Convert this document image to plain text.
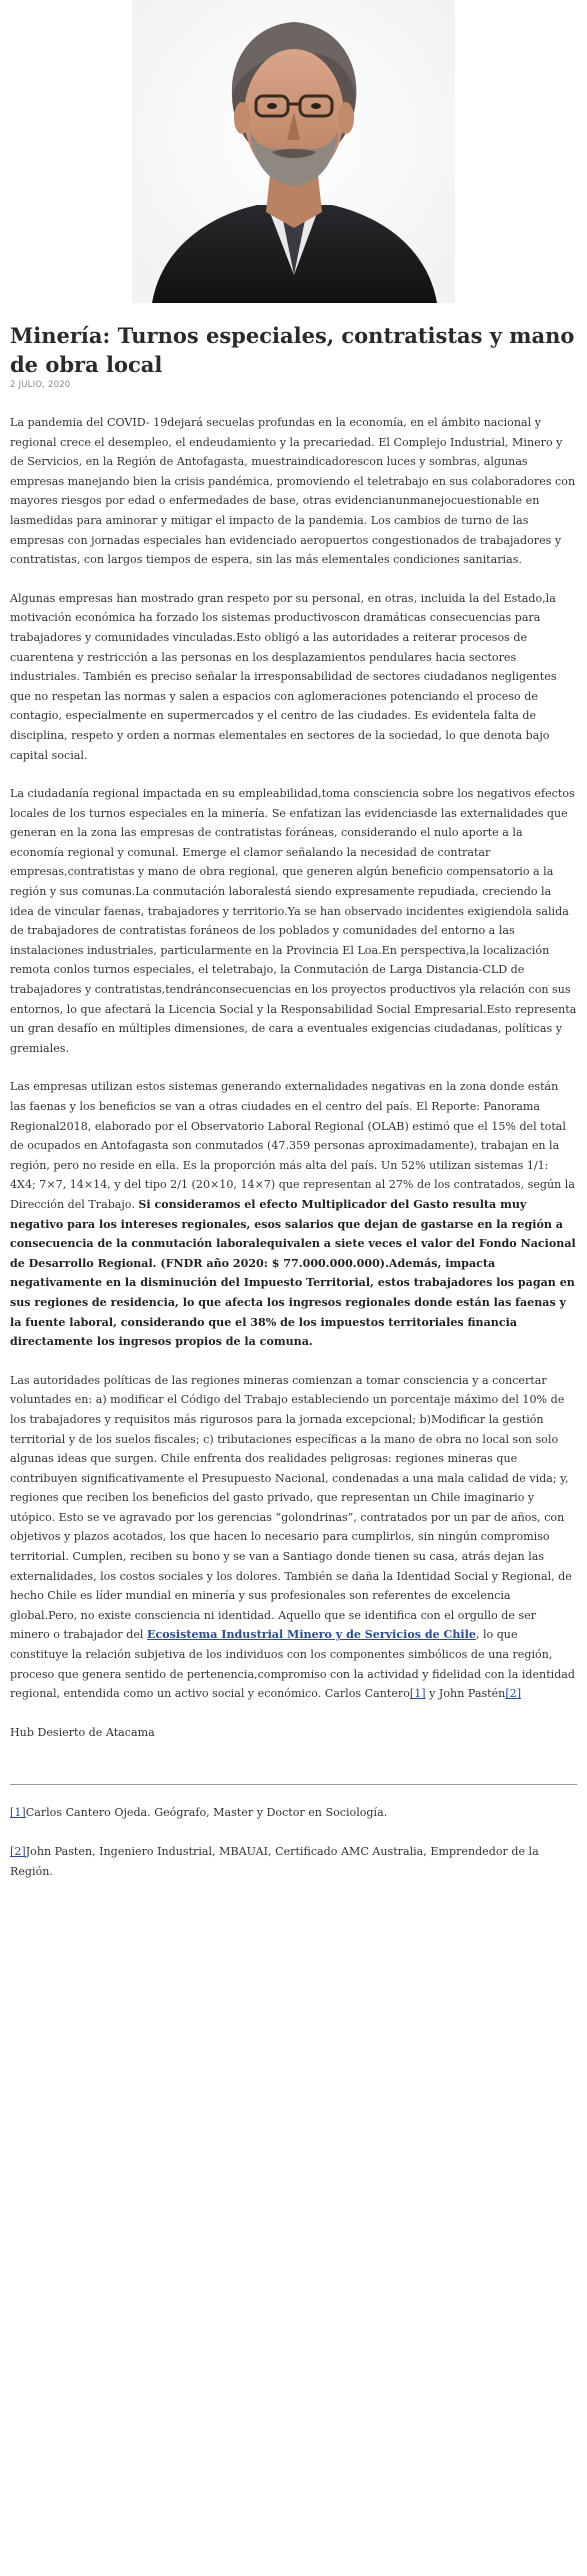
Minería: Turnos especiales, contratistas y mano de obra local
2 JULIO, 2020

La pandemia del COVID- 19dejará secuelas profundas en la economía, en el ámbito nacional y regional crece el desempleo, el endeudamiento y la precariedad. El Complejo Industrial, Minero y de Servicios, en la Región de Antofagasta, muestraindicadorescon luces y sombras, algunas empresas manejando bien la crisis pandémica, promoviendo el teletrabajo en sus colaboradores con mayores riesgos por edad o enfermedades de base, otras evidencianunmanejocuestionable en lasmedidas para aminorar y mitigar el impacto de la pandemia. Los cambios de turno de las empresas con jornadas especiales han evidenciado aeropuertos congestionados de trabajadores y contratistas, con largos tiempos de espera, sin las más elementales condiciones sanitarias.

Algunas empresas han mostrado gran respeto por su personal, en otras, incluida la del Estado,la motivación económica ha forzado los sistemas productivoscon dramáticas consecuencias para trabajadores y comunidades vinculadas.Esto obligó a las autoridades a reiterar procesos de cuarentena y restricción a las personas en los desplazamientos pendulares hacia sectores industriales. También es preciso señalar la irresponsabilidad de sectores ciudadanos negligentes que no respetan las normas y salen a espacios con aglomeraciones potenciando el proceso de contagio, especialmente en supermercados y el centro de las ciudades. Es evidentela falta de disciplina, respeto y orden a normas elementales en sectores de la sociedad, lo que denota bajo capital social.

La ciudadanía regional impactada en su empleabilidad,toma consciencia sobre los negativos efectos locales de los turnos especiales en la minería. Se enfatizan las evidenciasde las externalidades que generan en la zona las empresas de contratistas foráneas, considerando el nulo aporte a la economía regional y comunal. Emerge el clamor señalando la necesidad de contratar empresas,contratistas y mano de obra regional, que generen algún beneficio compensatorio a la región y sus comunas.La conmutación laboralestá siendo expresamente repudiada, creciendo la idea de vincular faenas, trabajadores y territorio.Ya se han observado incidentes exigiendola salida de trabajadores de contratistas foráneos de los poblados y comunidades del entorno a las instalaciones industriales, particularmente en la Provincia El Loa.En perspectiva,la localización remota conlos turnos especiales, el teletrabajo, la Conmutación de Larga Distancia-CLD de trabajadores y contratistas,tendránconsecuencias en los proyectos productivos yla relación con sus entornos, lo que afectará la Licencia Social y la Responsabilidad Social Empresarial.Esto representa un gran desafío en múltiples dimensiones, de cara a eventuales exigencias ciudadanas, políticas y gremiales.

Las empresas utilizan estos sistemas generando externalidades negativas en la zona donde están las faenas y los beneficios se van a otras ciudades en el centro del país. El Reporte: Panorama Regional2018, elaborado por el Observatorio Laboral Regional (OLAB) estimó que el 15% del total de ocupados en Antofagasta son conmutados (47.359 personas aproximadamente), trabajan en la región, pero no reside en ella. Es la proporción más alta del país. Un 52% utilizan sistemas 1/1: 4X4; 7×7, 14×14, y del tipo 2/1 (20×10, 14×7) que representan al 27% de los contratados, según la Dirección del Trabajo. Si consideramos el efecto Multiplicador del Gasto resulta muy negativo para los intereses regionales, esos salarios que dejan de gastarse en la región a consecuencia de la conmutación laboralequivalen a siete veces el valor del Fondo Nacional de Desarrollo Regional. (FNDR año 2020: $ 77.000.000.000).Además, impacta negativamente en la disminución del Impuesto Territorial, estos trabajadores los pagan en sus regiones de residencia, lo que afecta los ingresos regionales donde están las faenas y la fuente laboral, considerando que el 38% de los impuestos territoriales financia directamente los ingresos propios de la comuna.

Las autoridades políticas de las regiones mineras comienzan a tomar consciencia y a concertar voluntades en: a) modificar el Código del Trabajo estableciendo un porcentaje máximo del 10% de los trabajadores y requisitos más rigurosos para la jornada excepcional; b)Modificar la gestión territorial y de los suelos fiscales; c) tributaciones específicas a la mano de obra no local son solo algunas ideas que surgen. Chile enfrenta dos realidades peligrosas: regiones mineras que contribuyen significativamente el Presupuesto Nacional, condenadas a una mala calidad de vida; y, regiones que reciben los beneficios del gasto privado, que representan un Chile imaginario y utópico. Esto se ve agravado por los gerencias “golondrinas”, contratados por un par de años, con objetivos y plazos acotados, los que hacen lo necesario para cumplirlos, sin ningún compromiso territorial. Cumplen, reciben su bono y se van a Santiago donde tienen su casa, atrás dejan las externalidades, los costos sociales y los dolores. También se daña la Identidad Social y Regional, de hecho Chile es líder mundial en minería y sus profesionales son referentes de excelencia global.Pero, no existe consciencia ni identidad. Aquello que se identifica con el orgullo de ser minero o trabajador del Ecosistema Industrial Minero y de Servicios de Chile, lo que constituye la relación subjetiva de los individuos con los componentes simbólicos de una región, proceso que genera sentido de pertenencia,compromiso con la actividad y fidelidad con la identidad regional, entendida como un activo social y económico. Carlos Cantero[1] y John Pastén[2]

Hub Desierto de Atacama

[1]Carlos Cantero Ojeda. Geógrafo, Master y Doctor en Sociología.

[2]John Pasten, Ingeniero Industrial, MBAUAI, Certificado AMC Australia, Emprendedor de la Región.
